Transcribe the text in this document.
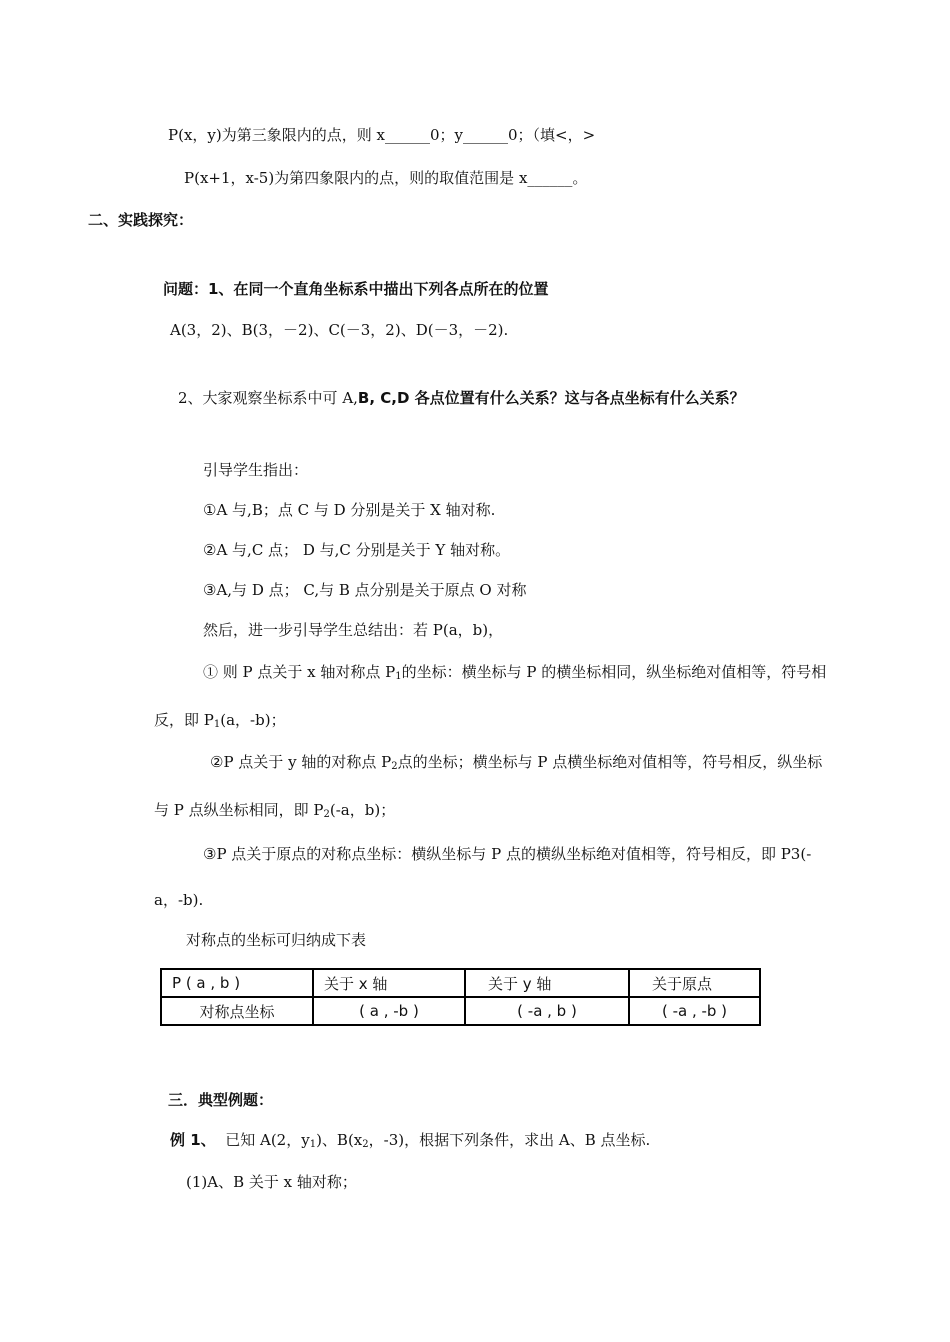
P(x，y)为第三象限内的点，则 x______0；y______0；（填<，>
P(x+1，x-5)为第四象限内的点，则的取值范围是 x______。
二、实践探究：
问题：1、在同一个直角坐标系中描出下列各点所在的位置
A(3，2)、B(3，－2)、C(－3，2)、D(－3，－2).
2、大家观察坐标系中可 A,B, C,D 各点位置有什么关系？这与各点坐标有什么关系？
引导学生指出：
①A 与,B；点 C 与 D 分别是关于 X 轴对称.
②A 与,C 点； D 与,C 分别是关于 Y 轴对称。
③A,与 D 点； C,与 B 点分别是关于原点 O 对称
然后，进一步引导学生总结出：若 P(a，b)，
① 则 P 点关于 x 轴对称点 $P_1$的坐标：横坐标与 P 的横坐标相同，纵坐标绝对值相等，符号相
反，即 $P_1(a$，-b)；
②P 点关于 y 轴的对称点 $P_2$点的坐标；横坐标与 P 点横坐标绝对值相等，符号相反，纵坐标
与 P 点纵坐标相同，即 $P_2(-a$，b)；
③P 点关于原点的对称点坐标：横纵坐标与 P 点的横纵坐标绝对值相等，符号相反，即 P3(-
a，-b).
对称点的坐标可归纳成下表
P ( a , b )	关于 x 轴	关于 y 轴	关于原点
对称点坐标	( a , -b )	( -a , b )	( -a , -b )
三．典型例题：
例 1、 已知 A(2，$y_1$)、$B(x_2$，-3)，根据下列条件，求出 A、B 点坐标.
(1)A、B 关于 x 轴对称；
